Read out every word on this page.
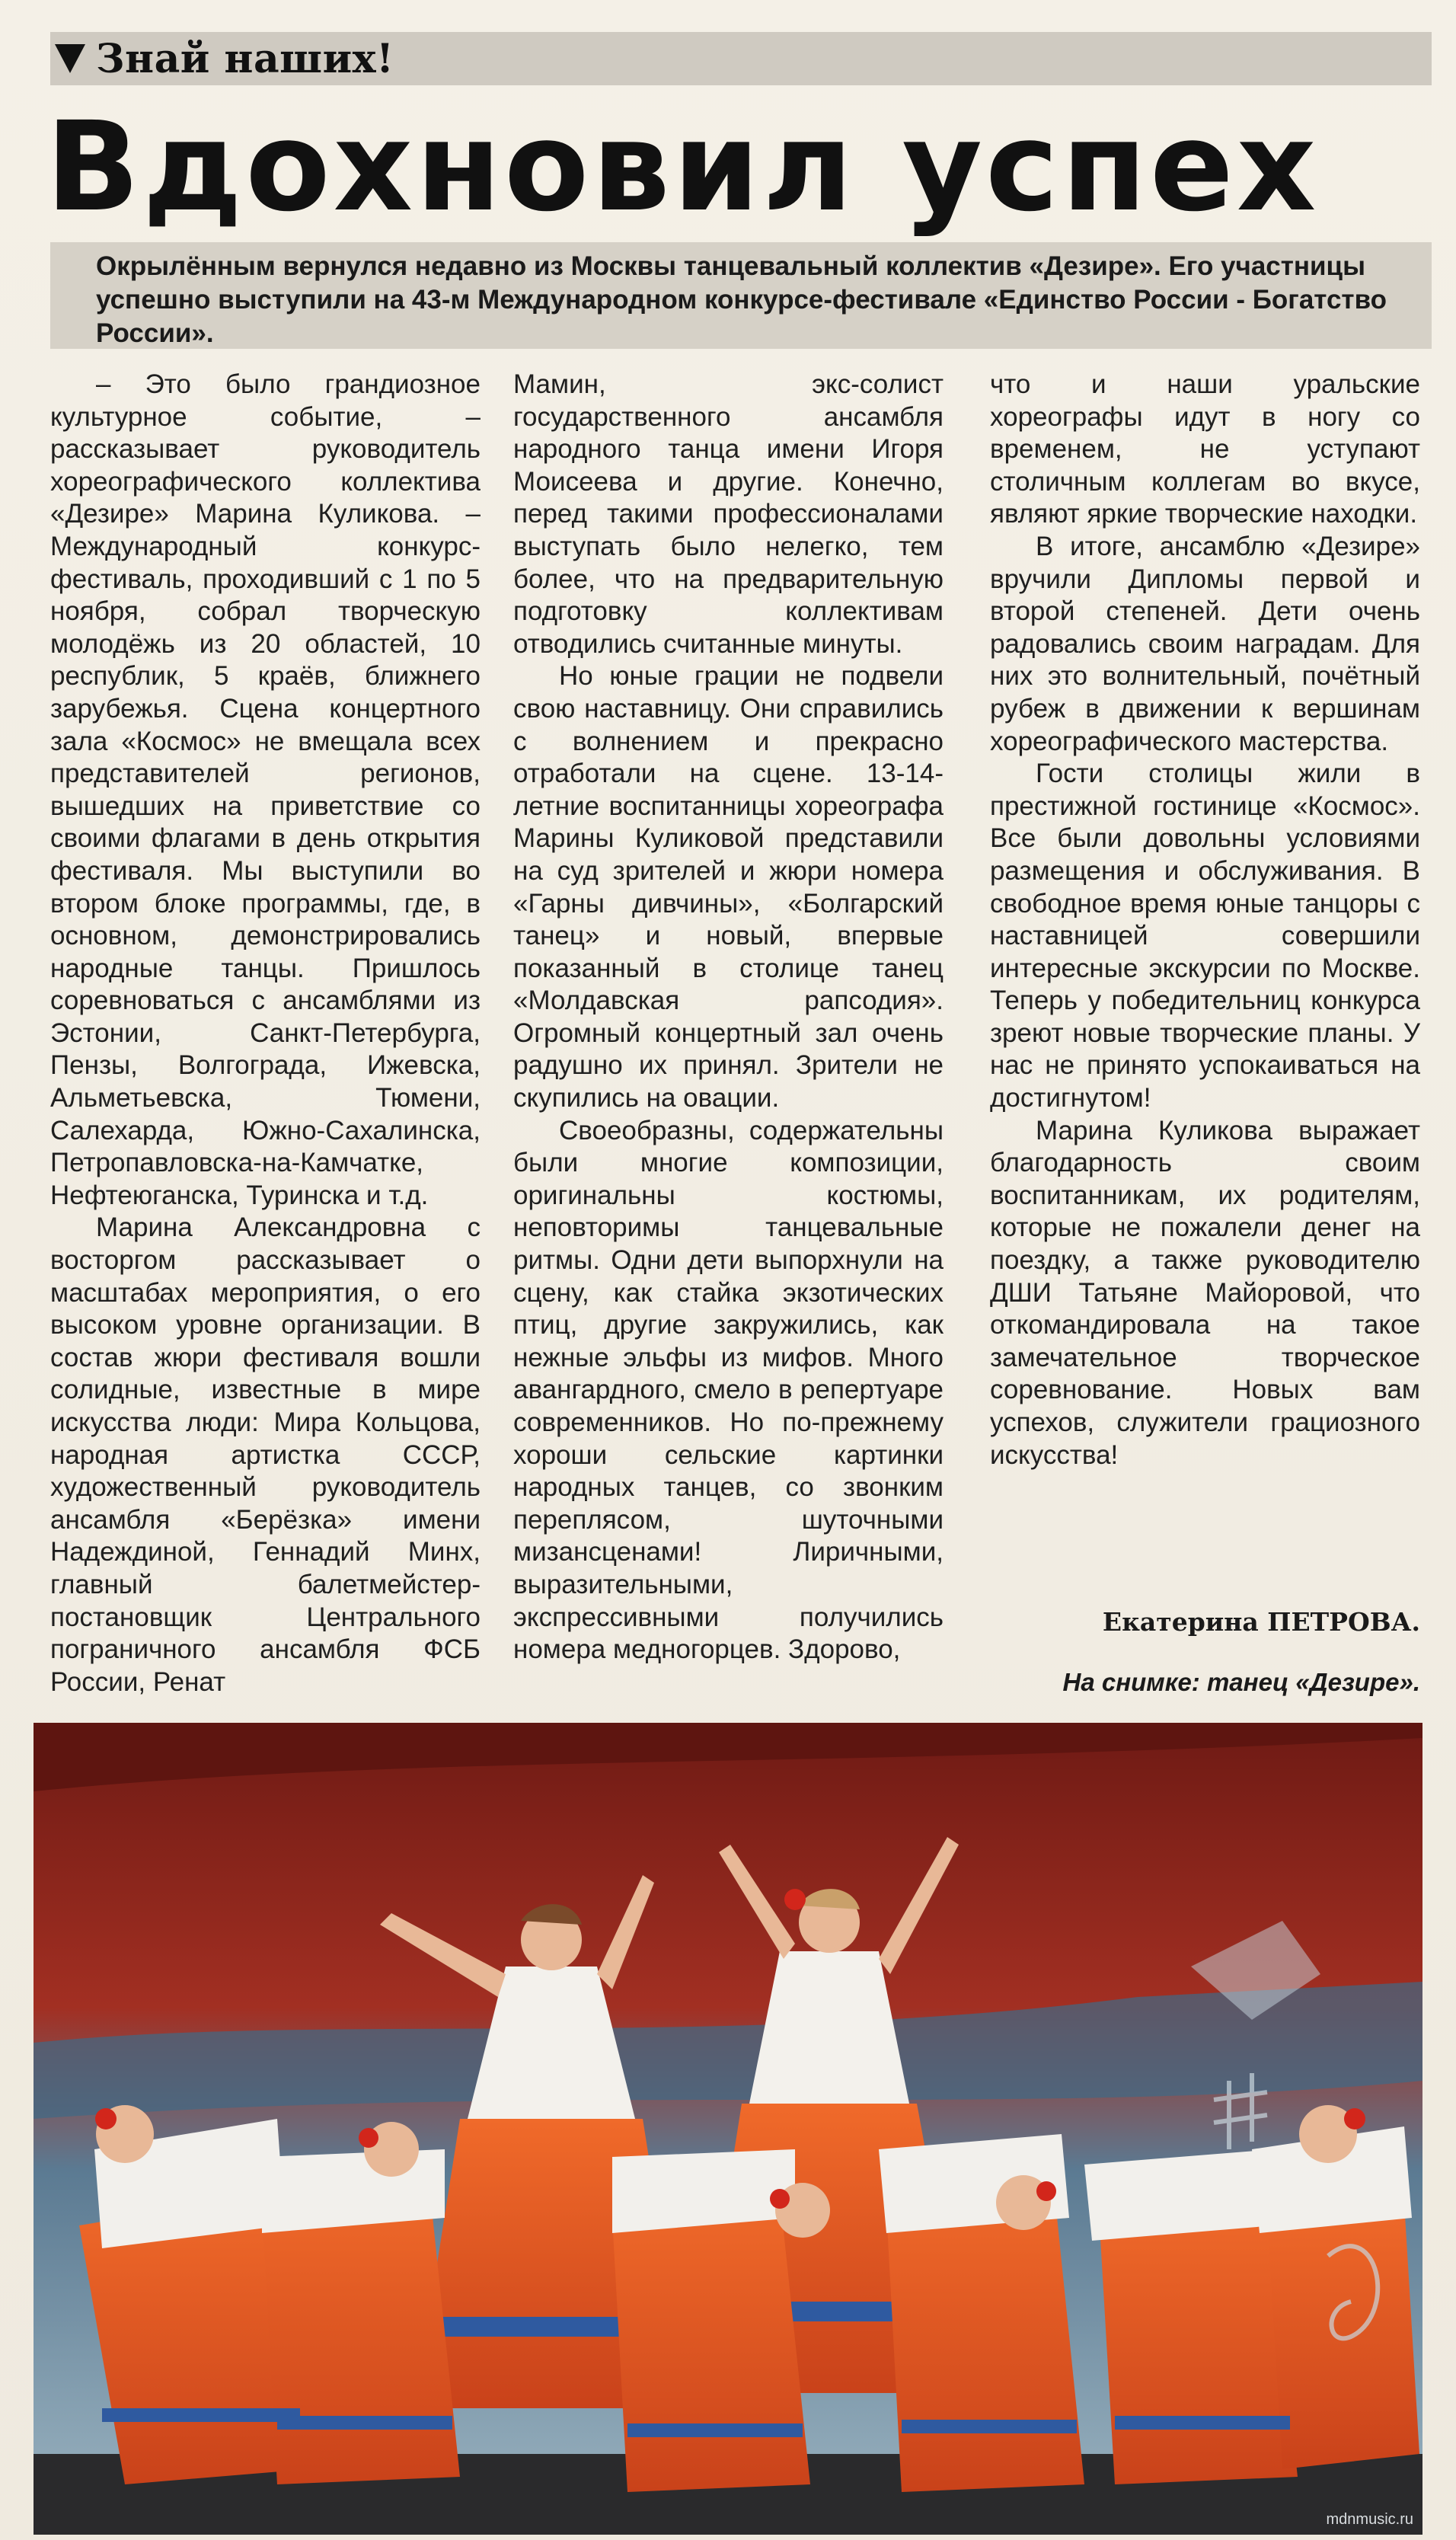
Знай наших!
Вдохновил успех
Окрылённым вернулся недавно из Москвы танцевальный коллектив «Дезире». Его участницы успешно выступили на 43-м Международном конкурсе-фестивале «Единство России - Богатство России».

– Это было грандиозное культурное событие, – рассказывает руководитель хореографического коллектива «Дезире» Марина Куликова. – Международный конкурс-фестиваль, проходивший с 1 по 5 ноября, собрал творческую молодёжь из 20 областей, 10 республик, 5 краёв, ближнего зарубежья. Сцена концертного зала «Космос» не вмещала всех представителей регионов, вышедших на приветствие со своими флагами в день открытия фестиваля. Мы выступили во втором блоке программы, где, в основном, демонстрировались народные танцы. Пришлось соревноваться с ансамблями из Эстонии, Санкт-Петербурга, Пензы, Волгограда, Ижевска, Альметьевска, Тюмени, Салехарда, Южно-Сахалинска, Петропавловска-на-Камчатке, Нефтеюганска, Туринска и т.д.

Марина Александровна с восторгом рассказывает о масштабах мероприятия, о его высоком уровне организации. В состав жюри фестиваля вошли солидные, известные в мире искусства люди: Мира Кольцова, народная артистка СССР, художественный руководитель ансамбля «Берёзка» имени Надеждиной, Геннадий Минх, главный балетмейстер-постановщик Центрального пограничного ансамбля ФСБ России, Ренат

Мамин, экс-солист государственного ансамбля народного танца имени Игоря Моисеева и другие. Конечно, перед такими профессионалами выступать было нелегко, тем более, что на предварительную подготовку коллективам отводились считанные минуты.

Но юные грации не подвели свою наставницу. Они справились с волнением и прекрасно отработали на сцене. 13-14-летние воспитанницы хореографа Марины Куликовой представили на суд зрителей и жюри номера «Гарны дивчины», «Болгарский танец» и новый, впервые показанный в столице танец «Молдавская рапсодия». Огромный концертный зал очень радушно их принял. Зрители не скупились на овации.

Своеобразны, содержательны были многие композиции, оригинальны костюмы, неповторимы танцевальные ритмы. Одни дети выпорхнули на сцену, как стайка экзотических птиц, другие закружились, как нежные эльфы из мифов. Много авангардного, смело в репертуаре современников. Но по-прежнему хороши сельские картинки народных танцев, со звонким переплясом, шуточными мизансценами! Лиричными, выразительными, экспрессивными получились номера медногорцев. Здорово,

что и наши уральские хореографы идут в ногу со временем, не уступают столичным коллегам во вкусе, являют яркие творческие находки.

В итоге, ансамблю «Дезире» вручили Дипломы первой и второй степеней. Дети очень радовались своим наградам. Для них это волнительный, почётный рубеж в движении к вершинам хореографического мастерства.

Гости столицы жили в престижной гостинице «Космос». Все были довольны условиями размещения и обслуживания. В свободное время юные танцоры с наставницей совершили интересные экскурсии по Москве. Теперь у победительниц конкурса зреют новые творческие планы. У нас не принято успокаиваться на достигнутом!

Марина Куликова выражает благодарность своим воспитанникам, их родителям, которые не пожалели денег на поездку, а также руководителю ДШИ Татьяне Майоровой, что откомандировала на такое замечательное творческое соревнование. Новых вам успехов, служители грациозного искусства!

Екатерина ПЕТРОВА.
На снимке: танец «Дезире».
mdnmusic.ru
